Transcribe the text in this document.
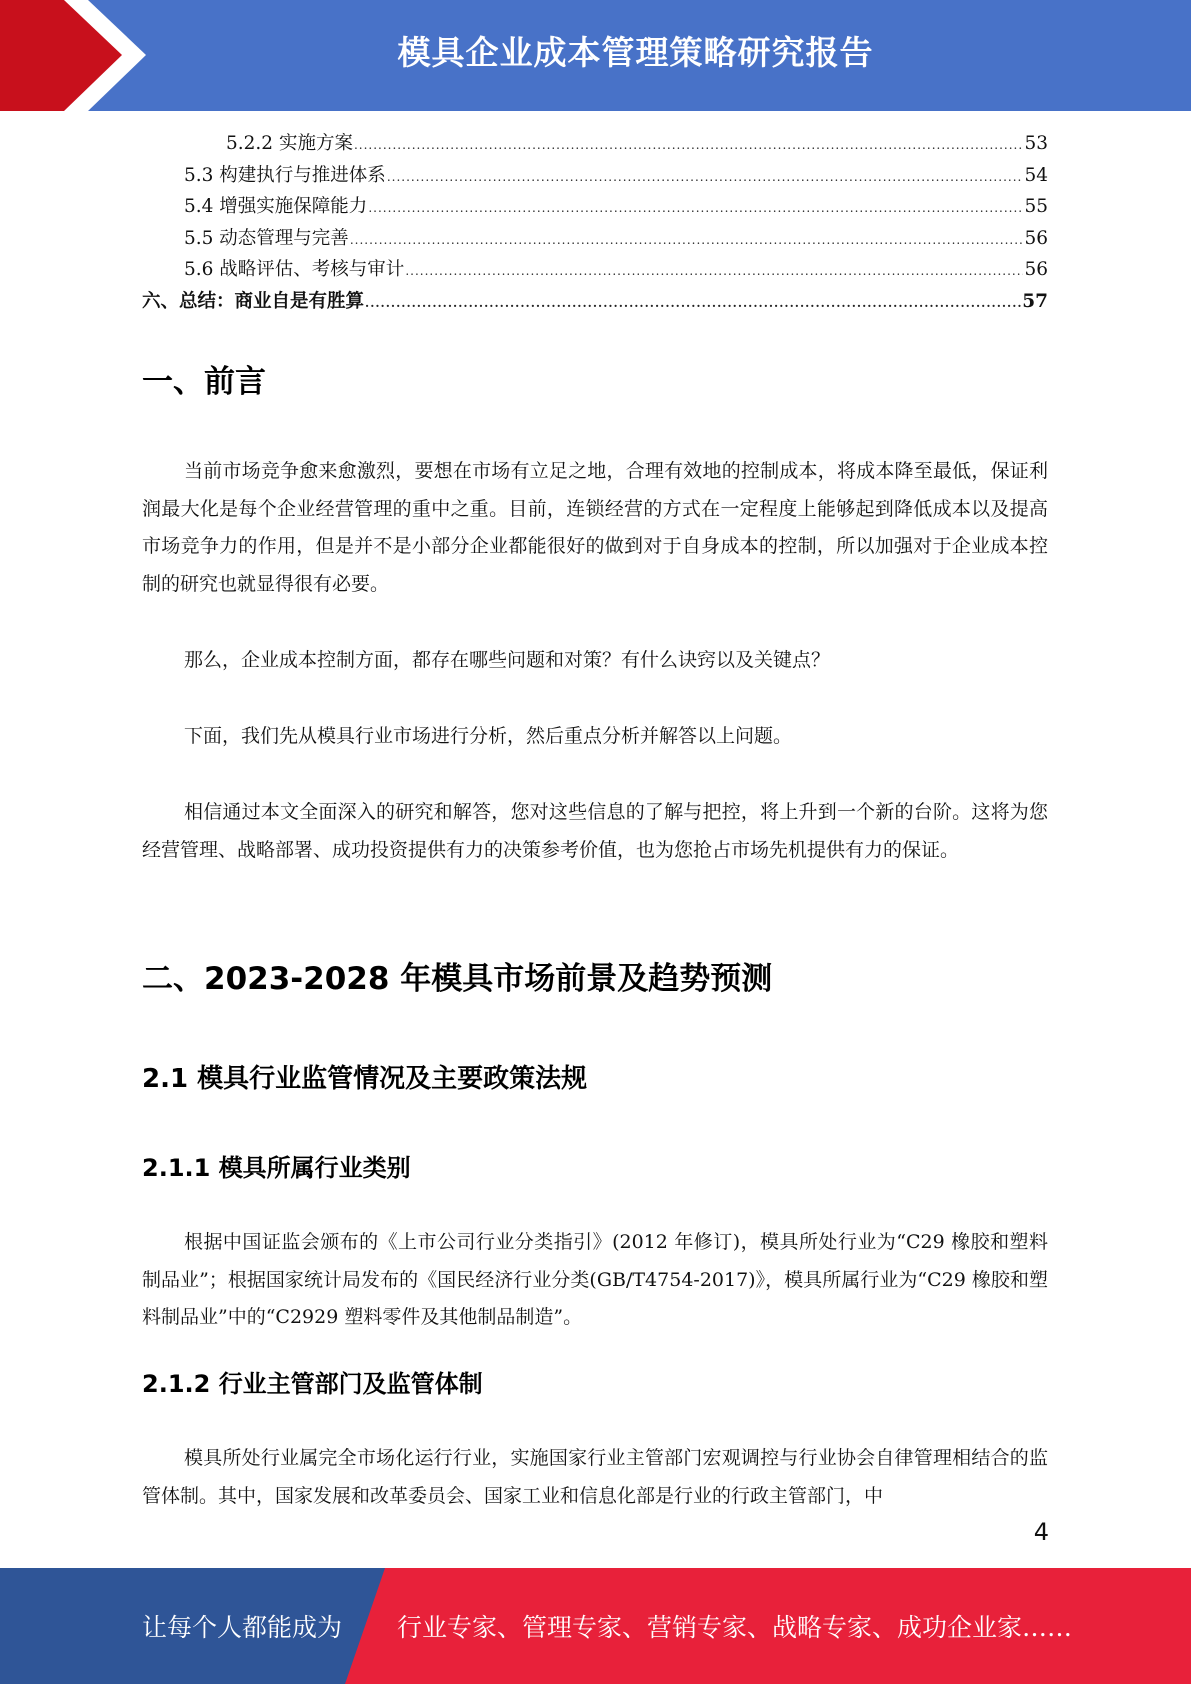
模具企业成本管理策略研究报告
5.2.2 实施方案 .....	53
5.3 构建执行与推进体系 .....	54
5.4 增强实施保障能力 .....	55
5.5 动态管理与完善 .....	56
5.6 战略评估、考核与审计 .....	56
六、总结：商业自是有胜算 .....	57
一、前言

当前市场竞争愈来愈激烈，要想在市场有立足之地，合理有效地的控制成本，将成本降至最低，保证利润最大化是每个企业经营管理的重中之重。目前，连锁经营的方式在一定程度上能够起到降低成本以及提高市场竞争力的作用，但是并不是小部分企业都能很好的做到对于自身成本的控制，所以加强对于企业成本控制的研究也就显得很有必要。

那么，企业成本控制方面，都存在哪些问题和对策？有什么诀窍以及关键点？

下面，我们先从模具行业市场进行分析，然后重点分析并解答以上问题。

相信通过本文全面深入的研究和解答，您对这些信息的了解与把控，将上升到一个新的台阶。这将为您经营管理、战略部署、成功投资提供有力的决策参考价值，也为您抢占市场先机提供有力的保证。

二、2023-2028 年模具市场前景及趋势预测
2.1 模具行业监管情况及主要政策法规
2.1.1 模具所属行业类别

根据中国证监会颁布的《上市公司行业分类指引》(2012 年修订)，模具所处行业为“C29 橡胶和塑料制品业”；根据国家统计局发布的《国民经济行业分类(GB/T4754-2017)》，模具所属行业为“C29 橡胶和塑料制品业”中的“C2929 塑料零件及其他制品制造”。

2.1.2 行业主管部门及监管体制

模具所处行业属完全市场化运行行业，实施国家行业主管部门宏观调控与行业协会自律管理相结合的监管体制。其中，国家发展和改革委员会、国家工业和信息化部是行业的行政主管部门，中

4
让每个人都能成为 行业专家、管理专家、营销专家、战略专家、成功企业家……
